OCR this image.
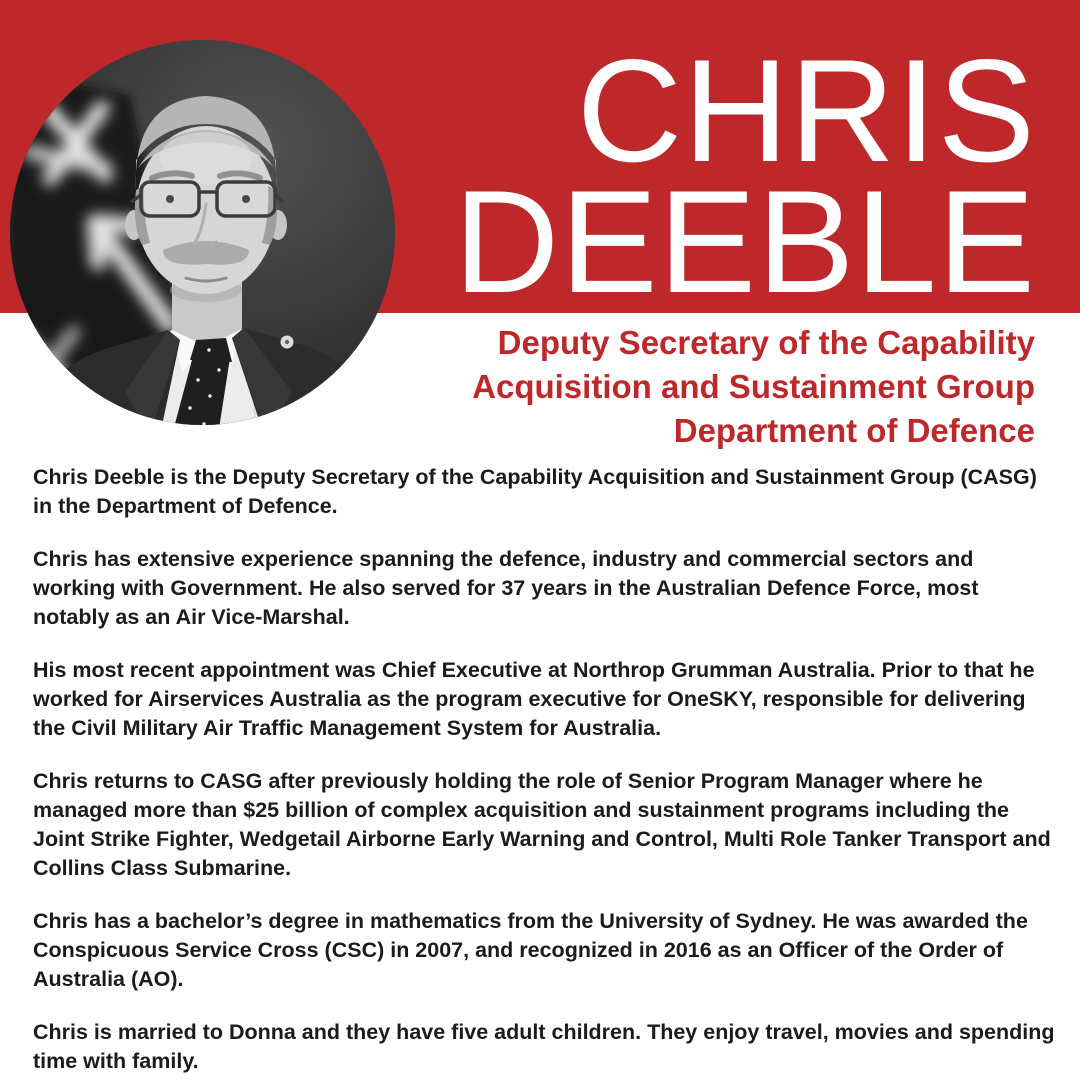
CHRIS
DEEBLE
Deputy Secretary of the Capability
Acquisition and Sustainment Group
Department of Defence
Chris Deeble is the Deputy Secretary of the Capability Acquisition and Sustainment Group (CASG)
in the Department of Defence.
Chris has extensive experience spanning the defence, industry and commercial sectors and
working with Government. He also served for 37 years in the Australian Defence Force, most
notably as an Air Vice-Marshal.
His most recent appointment was Chief Executive at Northrop Grumman Australia. Prior to that he
worked for Airservices Australia as the program executive for OneSKY, responsible for delivering
the Civil Military Air Traffic Management System for Australia.
Chris returns to CASG after previously holding the role of Senior Program Manager where he
managed more than $25 billion of complex acquisition and sustainment programs including the
Joint Strike Fighter, Wedgetail Airborne Early Warning and Control, Multi Role Tanker Transport and
Collins Class Submarine.
Chris has a bachelor’s degree in mathematics from the University of Sydney. He was awarded the
Conspicuous Service Cross (CSC) in 2007, and recognized in 2016 as an Officer of the Order of
Australia (AO).
Chris is married to Donna and they have five adult children. They enjoy travel, movies and spending
time with family.
